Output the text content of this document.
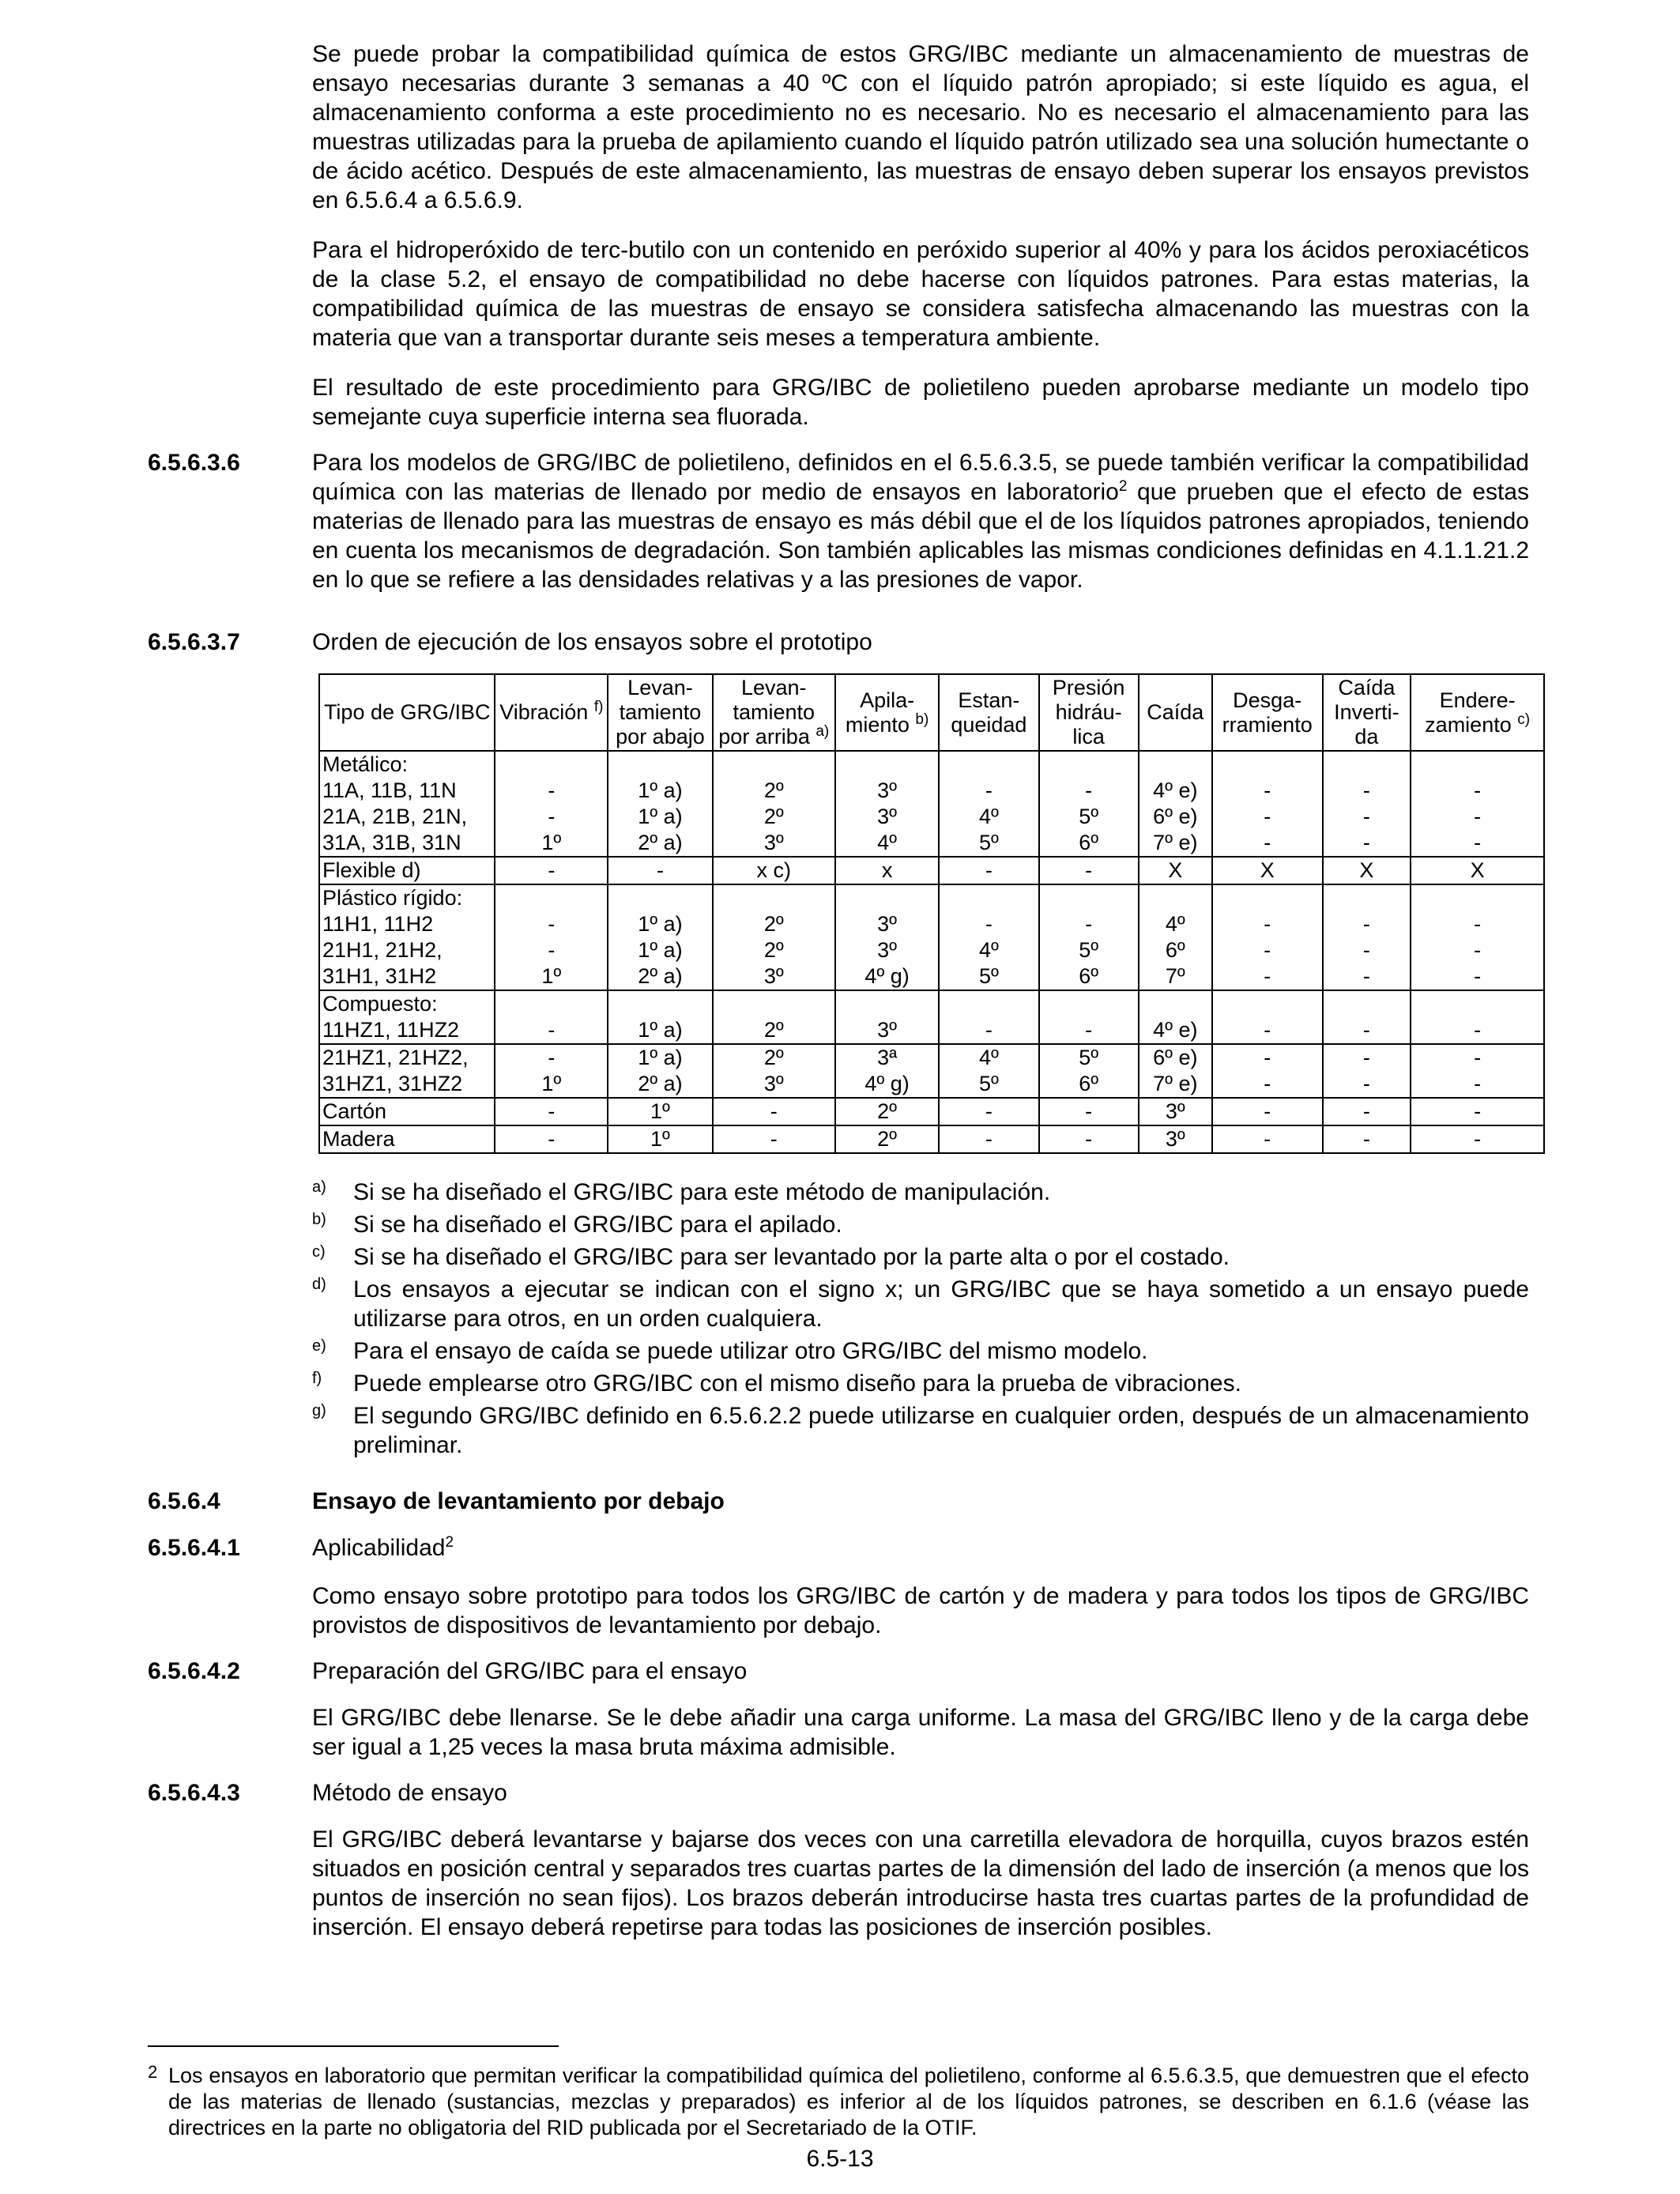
Se puede probar la compatibilidad química de estos GRG/IBC mediante un almacenamiento de muestras de ensayo necesarias durante 3 semanas a 40 ºC con el líquido patrón apropiado; si este líquido es agua, el almacenamiento conforma a este procedimiento no es necesario. No es necesario el almacenamiento para las muestras utilizadas para la prueba de apilamiento cuando el líquido patrón utilizado sea una solución humectante o de ácido acético. Después de este almacenamiento, las muestras de ensayo deben superar los ensayos previstos en 6.5.6.4 a 6.5.6.9.

Para el hidroperóxido de terc-butilo con un contenido en peróxido superior al 40% y para los ácidos peroxiacéticos de la clase 5.2, el ensayo de compatibilidad no debe hacerse con líquidos patrones. Para estas materias, la compatibilidad química de las muestras de ensayo se considera satisfecha almacenando las muestras con la materia que van a transportar durante seis meses a temperatura ambiente.

El resultado de este procedimiento para GRG/IBC de polietileno pueden aprobarse mediante un modelo tipo semejante cuya superficie interna sea fluorada.

6.5.6.3.6	Para los modelos de GRG/IBC de polietileno, definidos en el 6.5.6.3.5, se puede también verificar la compatibilidad química con las materias de llenado por medio de ensayos en laboratorio$^2$ que prueben que el efecto de estas materias de llenado para las muestras de ensayo es más débil que el de los líquidos patrones apropiados, teniendo en cuenta los mecanismos de degradación. Son también aplicables las mismas condiciones definidas en 4.1.1.21.2 en lo que se refiere a las densidades relativas y a las presiones de vapor.

6.5.6.3.7	Orden de ejecución de los ensayos sobre el prototipo
Tipo de GRG/IBC	Vibración $^{f)}$	Levan-tamiento por abajo	Levan-tamiento por arriba $^{a)}$	Apila-miento $^{b)}$	Estan-queidad	Presión hidráu-lica	Caída	Desga-rramiento	Caída Inverti-da	Endere-zamiento $^{c)}$
Metálico:										
11A, 11B, 11N	-	1º a)	2º	3º	-	-	4º e)	-	-	-
21A, 21B, 21N,	-	1º a)	2º	3º	4º	5º	6º e)	-	-	-
31A, 31B, 31N	1º	2º a)	3º	4º	5º	6º	7º e)	-	-	-
Flexible d)	-	-	x c)	x	-	-	X	X	X	X
Plástico rígido:										
11H1, 11H2	-	1º a)	2º	3º	-	-	4º	-	-	-
21H1, 21H2,	-	1º a)	2º	3º	4º	5º	6º	-	-	-
31H1, 31H2	1º	2º a)	3º	4º g)	5º	6º	7º	-	-	-
Compuesto:										
11HZ1, 11HZ2	-	1º a)	2º	3º	-	-	4º e)	-	-	-
21HZ1, 21HZ2,	-	1º a)	2º	3ª	4º	5º	6º e)	-	-	-
31HZ1, 31HZ2	1º	2º a)	3º	4º g)	5º	6º	7º e)	-	-	-
Cartón	-	1º	-	2º	-	-	3º	-	-	-
Madera	-	1º	-	2º	-	-	3º	-	-	-
a) Si se ha diseñado el GRG/IBC para este método de manipulación.
b) Si se ha diseñado el GRG/IBC para el apilado.
c) Si se ha diseñado el GRG/IBC para ser levantado por la parte alta o por el costado.
d) Los ensayos a ejecutar se indican con el signo x; un GRG/IBC que se haya sometido a un ensayo puede utilizarse para otros, en un orden cualquiera.
e) Para el ensayo de caída se puede utilizar otro GRG/IBC del mismo modelo.
f) Puede emplearse otro GRG/IBC con el mismo diseño para la prueba de vibraciones.
g) El segundo GRG/IBC definido en 6.5.6.2.2 puede utilizarse en cualquier orden, después de un almacenamiento preliminar.
6.5.6.4	Ensayo de levantamiento por debajo
6.5.6.4.1	Aplicabilidad$^2$

Como ensayo sobre prototipo para todos los GRG/IBC de cartón y de madera y para todos los tipos de GRG/IBC provistos de dispositivos de levantamiento por debajo.

6.5.6.4.2	Preparación del GRG/IBC para el ensayo

El GRG/IBC debe llenarse. Se le debe añadir una carga uniforme. La masa del GRG/IBC lleno y de la carga debe ser igual a 1,25 veces la masa bruta máxima admisible.

6.5.6.4.3	Método de ensayo

El GRG/IBC deberá levantarse y bajarse dos veces con una carretilla elevadora de horquilla, cuyos brazos estén situados en posición central y separados tres cuartas partes de la dimensión del lado de inserción (a menos que los puntos de inserción no sean fijos). Los brazos deberán introducirse hasta tres cuartas partes de la profundidad de inserción. El ensayo deberá repetirse para todas las posiciones de inserción posibles.

2 Los ensayos en laboratorio que permitan verificar la compatibilidad química del polietileno, conforme al 6.5.6.3.5, que demuestren que el efecto de las materias de llenado (sustancias, mezclas y preparados) es inferior al de los líquidos patrones, se describen en 6.1.6 (véase las directrices en la parte no obligatoria del RID publicada por el Secretariado de la OTIF.
6.5-13
